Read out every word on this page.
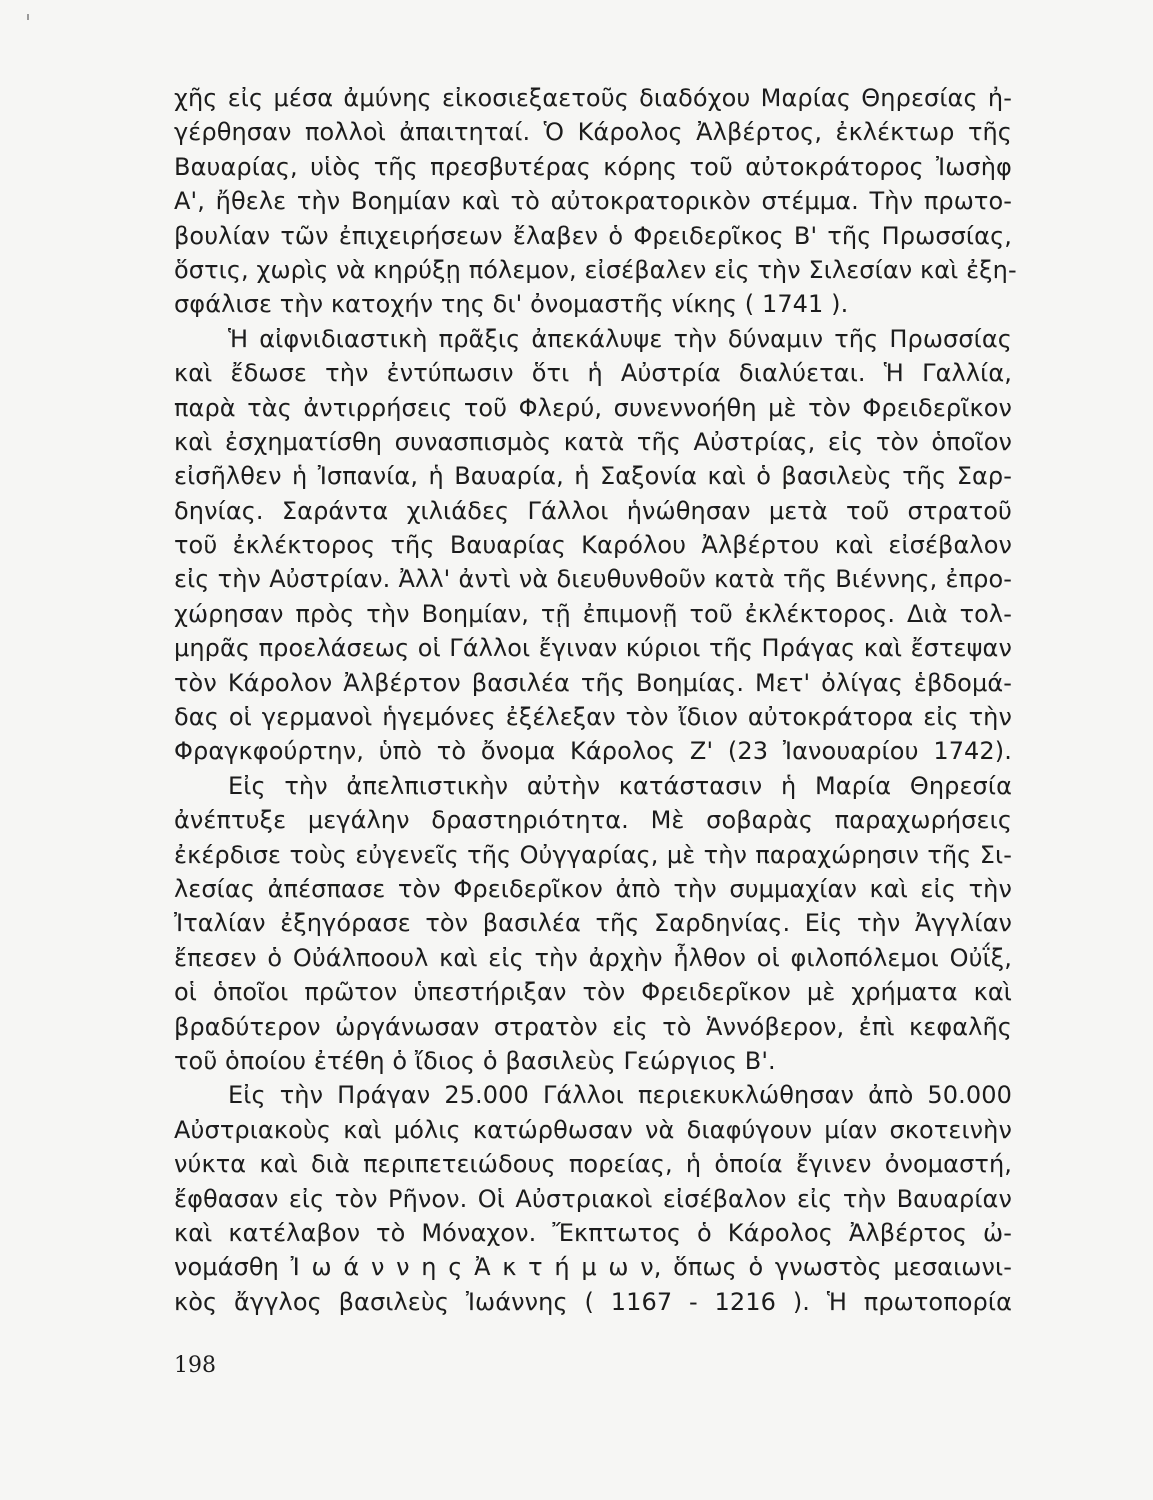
χῆς εἰς μέσα ἀμύνης εἰκοσιεξαετοῦς διαδόχου Μαρίας Θηρεσίας ἠ-
γέρθησαν πολλοὶ ἀπαιτηταί. Ὁ Κάρολος Ἀλβέρτος, ἐκλέκτωρ τῆς
Βαυαρίας, υἱὸς τῆς πρεσβυτέρας κόρης τοῦ αὐτοκράτορος Ἰωσὴφ
Α', ἤθελε τὴν Βοημίαν καὶ τὸ αὐτοκρατορικὸν στέμμα. Τὴν πρωτο-
βουλίαν τῶν ἐπιχειρήσεων ἔλαβεν ὁ Φρειδερῖκος Β' τῆς Πρωσσίας,
ὅστις, χωρὶς νὰ κηρύξῃ πόλεμον, εἰσέβαλεν εἰς τὴν Σιλεσίαν καὶ ἐξη-
σφάλισε τὴν κατοχήν της δι' ὀνομαστῆς νίκης ( 1741 ).
Ἡ αἰφνιδιαστικὴ πρᾶξις ἀπεκάλυψε τὴν δύναμιν τῆς Πρωσσίας
καὶ ἔδωσε τὴν ἐντύπωσιν ὅτι ἡ Αὐστρία διαλύεται. Ἡ Γαλλία,
παρὰ τὰς ἀντιρρήσεις τοῦ Φλερύ, συνεννοήθη μὲ τὸν Φρειδερῖκον
καὶ ἐσχηματίσθη συνασπισμὸς κατὰ τῆς Αὐστρίας, εἰς τὸν ὁποῖον
εἰσῆλθεν ἡ Ἰσπανία, ἡ Βαυαρία, ἡ Σαξονία καὶ ὁ βασιλεὺς τῆς Σαρ-
δηνίας. Σαράντα χιλιάδες Γάλλοι ἡνώθησαν μετὰ τοῦ στρατοῦ
τοῦ ἐκλέκτορος τῆς Βαυαρίας Καρόλου Ἀλβέρτου καὶ εἰσέβαλον
εἰς τὴν Αὐστρίαν. Ἀλλ' ἀντὶ νὰ διευθυνθοῦν κατὰ τῆς Βιέννης, ἐπρο-
χώρησαν πρὸς τὴν Βοημίαν, τῇ ἐπιμονῇ τοῦ ἐκλέκτορος. Διὰ τολ-
μηρᾶς προελάσεως οἱ Γάλλοι ἔγιναν κύριοι τῆς Πράγας καὶ ἔστεψαν
τὸν Κάρολον Ἀλβέρτον βασιλέα τῆς Βοημίας. Μετ' ὀλίγας ἑβδομά-
δας οἱ γερμανοὶ ἡγεμόνες ἐξέλεξαν τὸν ἴδιον αὐτοκράτορα εἰς τὴν
Φραγκφούρτην, ὑπὸ τὸ ὄνομα Κάρολος Ζ' (23 Ἰανουαρίου 1742).
Εἰς τὴν ἀπελπιστικὴν αὐτὴν κατάστασιν ἡ Μαρία Θηρεσία
ἀνέπτυξε μεγάλην δραστηριότητα. Μὲ σοβαρὰς παραχωρήσεις
ἐκέρδισε τοὺς εὐγενεῖς τῆς Οὐγγαρίας, μὲ τὴν παραχώρησιν τῆς Σι-
λεσίας ἀπέσπασε τὸν Φρειδερῖκον ἀπὸ τὴν συμμαχίαν καὶ εἰς τὴν
Ἰταλίαν ἐξηγόρασε τὸν βασιλέα τῆς Σαρδηνίας. Εἰς τὴν Ἀγγλίαν
ἔπεσεν ὁ Οὐάλποουλ καὶ εἰς τὴν ἀρχὴν ἦλθον οἱ φιλοπόλεμοι Οὐΐξ,
οἱ ὁποῖοι πρῶτον ὑπεστήριξαν τὸν Φρειδερῖκον μὲ χρήματα καὶ
βραδύτερον ὠργάνωσαν στρατὸν εἰς τὸ Ἁννόβερον, ἐπὶ κεφαλῆς
τοῦ ὁποίου ἐτέθη ὁ ἴδιος ὁ βασιλεὺς Γεώργιος Β'.
Εἰς τὴν Πράγαν 25.000 Γάλλοι περιεκυκλώθησαν ἀπὸ 50.000
Αὐστριακοὺς καὶ μόλις κατώρθωσαν νὰ διαφύγουν μίαν σκοτεινὴν
νύκτα καὶ διὰ περιπετειώδους πορείας, ἡ ὁποία ἔγινεν ὀνομαστή,
ἔφθασαν εἰς τὸν Ρῆνον. Οἱ Αὐστριακοὶ εἰσέβαλον εἰς τὴν Βαυαρίαν
καὶ κατέλαβον τὸ Μόναχον. Ἔκπτωτος ὁ Κάρολος Ἀλβέρτος ὠ-
νομάσθη Ἰ ω ά ν ν η ς Ἀ κ τ ή μ ω ν, ὅπως ὁ γνωστὸς μεσαιωνι-
κὸς ἄγγλος βασιλεὺς Ἰωάννης ( 1167 - 1216 ). Ἡ πρωτοπορία
198
